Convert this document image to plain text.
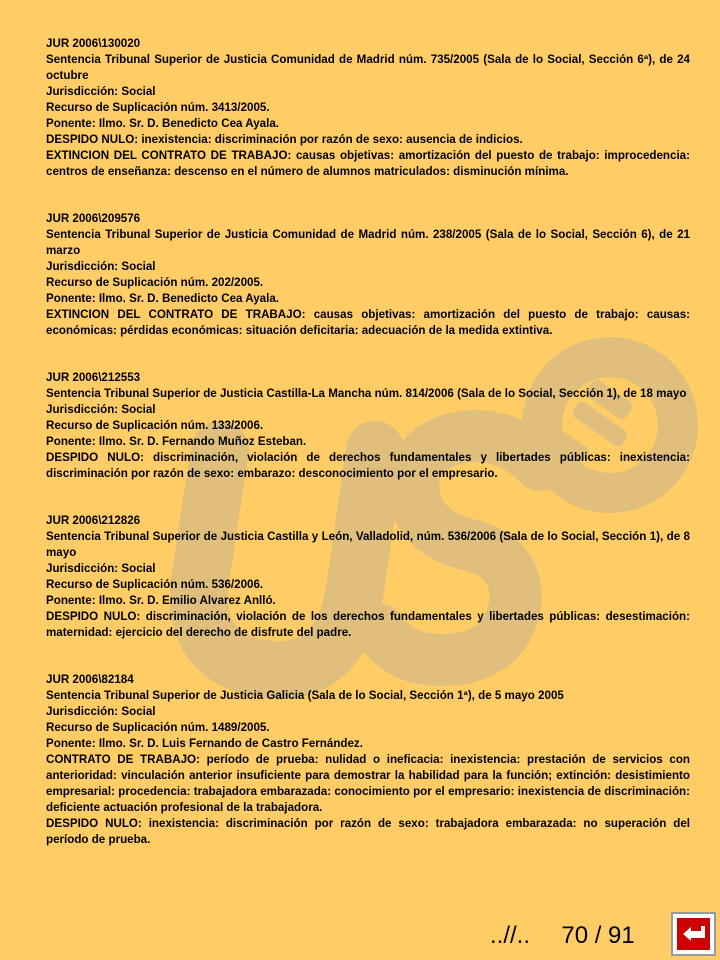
JUR 2006\130020
Sentencia Tribunal Superior de Justicia Comunidad de Madrid núm. 735/2005 (Sala de lo Social, Sección 6ª), de 24 octubre
Jurisdicción: Social
Recurso de Suplicación núm. 3413/2005.
Ponente: Ilmo. Sr. D. Benedicto Cea Ayala.
DESPIDO NULO: inexistencia: discriminación por razón de sexo: ausencia de indicios.
EXTINCION DEL CONTRATO DE TRABAJO: causas objetivas: amortización del puesto de trabajo: improcedencia: centros de enseñanza: descenso en el número de alumnos matriculados: disminución mínima.
JUR 2006\209576
Sentencia Tribunal Superior de Justicia Comunidad de Madrid núm. 238/2005 (Sala de lo Social, Sección 6), de 21 marzo
Jurisdicción: Social
Recurso de Suplicación núm. 202/2005.
Ponente: Ilmo. Sr. D. Benedicto Cea Ayala.
EXTINCION DEL CONTRATO DE TRABAJO: causas objetivas: amortización del puesto de trabajo: causas: económicas: pérdidas económicas: situación deficitaria: adecuación de la medida extintiva.
JUR 2006\212553
Sentencia Tribunal Superior de Justicia Castilla-La Mancha núm. 814/2006 (Sala de lo Social, Sección 1), de 18 mayo
Jurisdicción: Social
Recurso de Suplicación núm. 133/2006.
Ponente: Ilmo. Sr. D. Fernando Muñoz Esteban.
DESPIDO NULO: discriminación, violación de derechos fundamentales y libertades públicas: inexistencia: discriminación por razón de sexo: embarazo: desconocimiento por el empresario.
JUR 2006\212826
Sentencia Tribunal Superior de Justicia Castilla y León, Valladolid, núm. 536/2006 (Sala de lo Social, Sección 1), de 8 mayo
Jurisdicción: Social
Recurso de Suplicación núm. 536/2006.
Ponente: Ilmo. Sr. D. Emilio Alvarez Anlló.
DESPIDO NULO: discriminación, violación de los derechos fundamentales y libertades públicas: desestimación: maternidad: ejercicio del derecho de disfrute del padre.
JUR 2006\82184
Sentencia Tribunal Superior de Justicia Galicia (Sala de lo Social, Sección 1ª), de 5 mayo 2005
Jurisdicción: Social
Recurso de Suplicación núm. 1489/2005.
Ponente: Ilmo. Sr. D. Luis Fernando de Castro Fernández.
CONTRATO DE TRABAJO: período de prueba: nulidad o ineficacia: inexistencia: prestación de servicios con anterioridad: vinculación anterior insuficiente para demostrar la habilidad para la función; extinción: desistimiento empresarial: procedencia: trabajadora embarazada: conocimiento por el empresario: inexistencia de discriminación: deficiente actuación profesional de la trabajadora.
DESPIDO NULO: inexistencia: discriminación por razón de sexo: trabajadora embarazada: no superación del período de prueba.
..//.. 70 / 91
